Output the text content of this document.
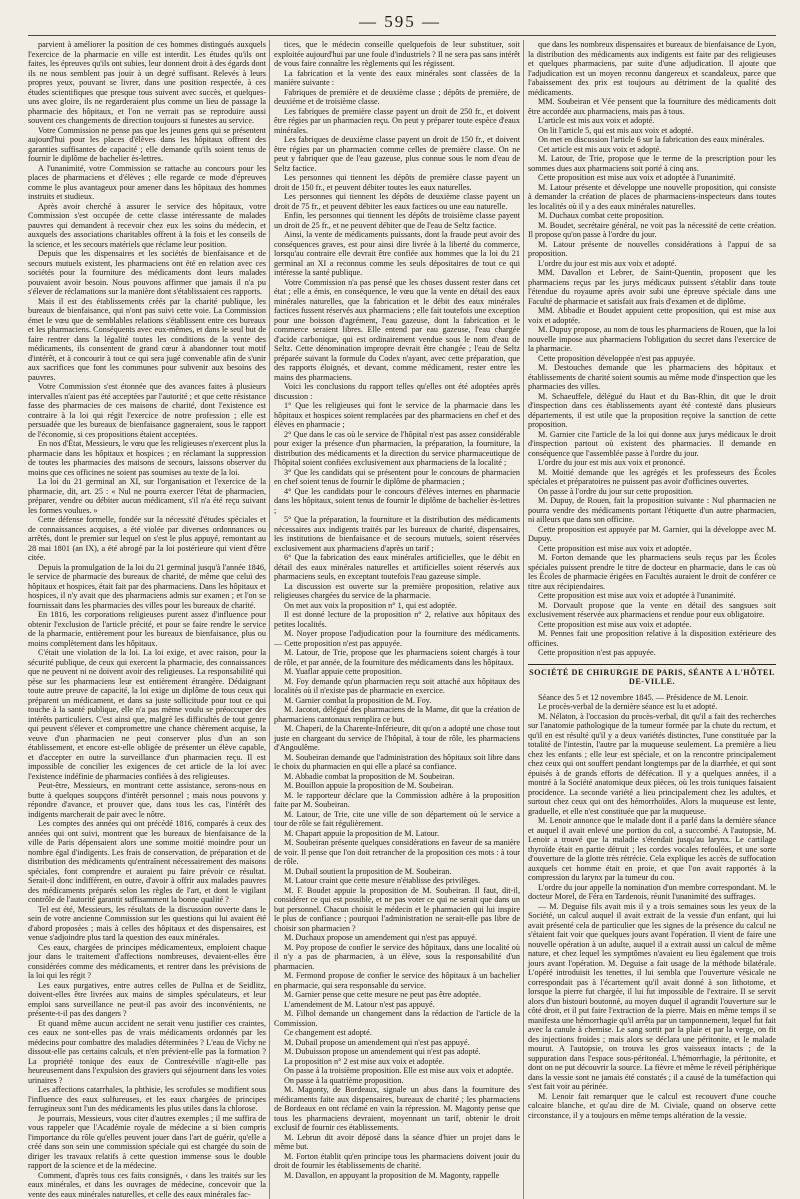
— 595 —

parvient à améliorer la position de ces hommes distingués auxquels l'exercice de la pharmacie en ville est interdit. Les études qu'ils ont faites, les épreuves qu'ils ont subies, leur donnent droit à des égards dont ils ne nous semblent pas jouir à un degré suffisant. Relevés à leurs propres yeux, pouvant se livrer, dans une position respectée, à ces études scientifiques que presque tous suivent avec succès, et quelques-uns avec gloire, ils ne regarderaient plus comme un lieu de passage la pharmacie des hôpitaux, et l'on ne verrait pas se reproduire aussi souvent ces changements de direction toujours si funestes au service.

Votre Commission ne pense pas que les jeunes gens qui se présentent aujourd'hui pour les places d'élèves dans les hôpitaux offrent des garanties suffisantes de capacité ; elle demande qu'ils soient tenus de fournir le diplôme de bachelier ès-lettres.

A l'unanimité, votre Commission se rattache au concours pour les places de pharmaciens et d'élèves ; elle regarde ce mode d'épreuves comme le plus avantageux pour amener dans les hôpitaux des hommes instruits et studieux.

Après avoir cherché à assurer le service des hôpitaux, votre Commission s'est occupée de cette classe intéressante de malades pauvres qui demandent à recevoir chez eux les soins du médecin, et auxquels des associations charitables offrent à la fois et les conseils de la science, et les secours matériels que réclame leur position.

Depuis que les dispensaires et les sociétés de bienfaisance et de secours mutuels existent, les pharmaciens ont été en relation avec ces sociétés pour la fourniture des médicaments dont leurs malades pouvaient avoir besoin. Nous pouvons affirmer que jamais il n'a pu s'élever de réclamations sur la manière dont s'établissaient ces rapports.

Mais il est des établissements créés par la charité publique, les bureaux de bienfaisance, qui n'ont pas suivi cette voie. La Commission émet le vœu que de semblables relations s'établissent entre ces bureaux et les pharmaciens. Conséquents avec eux-mêmes, et dans le seul but de faire rentrer dans la légalité toutes les conditions de la vente des médicaments, ils consentent de grand cœur à abandonner tout motif d'intérêt, et à concourir à tout ce qui sera jugé convenable afin de s'unir aux sacrifices que font les communes pour subvenir aux besoins des pauvres.

Votre Commission s'est étonnée que des avances faites à plusieurs intervalles n'aient pas été acceptées par l'autorité ; et que cette résistance fasse des pharmacies de ces maisons de charité, dont l'existence est contraire à la loi qui régit l'exercice de notre profession ; elle est persuadée que les bureaux de bienfaisance gagneraient, sous le rapport de l'économie, si ces propositions étaient acceptées.

En nos d'État, Messieurs, le vœu que les religieuses n'exercent plus la pharmacie dans les hôpitaux et hospices ; en réclamant la suppression de toutes les pharmacies des maisons de secours, laissons observer du moins que ces officines ne soient pas soumises au texte de la loi.

La loi du 21 germinal an XI, sur l'organisation et l'exercice de la pharmacie, dit, art. 25 : « Nul ne pourra exercer l'état de pharmacien, préparer, vendre ou débiter aucun médicament, s'il n'a été reçu suivant les formes voulues. »

Cette défense formelle, fondée sur la nécessité d'études spéciales et de connaissances acquises, a été violée par diverses ordonnances ou arrêtés, dont le premier sur lequel on s'est le plus appuyé, remontant au 28 mai 1801 (an IX), a été abrogé par la loi postérieure qui vient d'être citée.

Depuis la promulgation de la loi du 21 germinal jusqu'à l'année 1846, le service de pharmacie des bureaux de charité, de même que celui des hôpitaux et hospices, était fait par des pharmaciens. Dans les hôpitaux et hospices, il n'y avait que des pharmaciens admis sur examen ; et l'on se fournissait dans les pharmacies des villes pour les bureaux de charité.

En 1816, les corporations religieuses purent assez d'influence pour obtenir l'exclusion de l'article précité, et pour se faire rendre le service de la pharmacie, entièrement pour les bureaux de bienfaisance, plus ou moins complètement dans les hôpitaux.

C'était une violation de la loi. La loi exige, et avec raison, pour la sécurité publique, de ceux qui exercent la pharmacie, des connaissances que ne peuvent ni ne doivent avoir des religieuses. La responsabilité qui pèse sur les pharmaciens leur est entièrement étrangère. Dédaignant toute autre preuve de capacité, la loi exige un diplôme de tous ceux qui préparent un médicament, et dans sa juste sollicitude pour tout ce qui touche à la santé publique, elle n'a pas même voulu se préoccuper des intérêts particuliers. C'est ainsi que, malgré les difficultés de tout genre qui peuvent s'élever et compromettre une chance chèrement acquise, la veuve d'un pharmacien ne peut conserver plus d'un an son établissement, et encore est-elle obligée de présenter un élève capable, et d'accepter en outre la surveillance d'un pharmacien reçu. Il est impossible de concilier les exigences de cet article de la loi avec l'existence indéfinie de pharmacies confiées à des religieuses.

Peut-être, Messieurs, en montrant cette assistance, serons-nous en butte à quelques soupçons d'intérêt personnel ; mais nous pouvons y répondre d'avance, et prouver que, dans tous les cas, l'intérêt des indigents marcherait de pair avec le nôtre.

Les comptes des années qui ont précédé 1816, comparés à ceux des années qui ont suivi, montrent que les bureaux de bienfaisance de la ville de Paris dépensaient alors une somme moitié moindre pour un nombre égal d'indigents. Les frais de conservation, de préparation et de distribution des médicaments qu'entraînent nécessairement des maisons spéciales, font comprendre et auraient pu faire prévoir ce résultat. Serait-il donc indifférent, en outre, d'avoir à offrir aux malades pauvres des médicaments préparés selon les règles de l'art, et dont le vigilant contrôle de l'autorité garantit suffisamment la bonne qualité ?

Tel est été, Messieurs, les résultats de la discussion ouverte dans le sein de votre ancienne Commission sur les questions qui lui avaient été d'abord proposées ; mais à celles des hôpitaux et des dispensaires, est venue s'adjoindre plus tard la question des eaux minérales.

Ces eaux, chargées de principes médicamenteux, emploient chaque jour dans le traitement d'affections nombreuses, devaient-elles être considérées comme des médicaments, et rentrer dans les prévisions de la loi qui les régit ?

Les eaux purgatives, entre autres celles de Pullna et de Seidlitz, doivent-elles être livrées aux mains de simples spéculateurs, et leur emploi sans surveillance ne peut-il pas avoir des inconvénients, ne présente-t-il pas des dangers ?

Et quand même aucun accident ne serait venu justifier ces craintes, ces eaux ne sont-elles pas de vrais médicaments ordonnés par les médecins pour combattre des maladies déterminées ? L'eau de Vichy ne dissout-elle pas certains calculs, et n'en prévient-elle pas la formation ? La propriété tonique des eaux de Contrexéville n'agit-elle pas heureusement dans l'expulsion des graviers qui séjournent dans les voies urinaires ?

Les affections catarrhales, la phthisie, les scrofules se modifient sous l'influence des eaux sulfureuses, et les eaux chargées de principes ferrugineux sont l'un des médicaments les plus utiles dans la chlorose.

Je pourrais, Messieurs, vous citer d'autres exemples ; il me suffira de vous rappeler que l'Académie royale de médecine a si bien compris l'importance du rôle qu'elles peuvent jouer dans l'art de guérir, qu'elle a créé dans son sein une commission spéciale qui est chargée du soin de diriger les travaux relatifs à cette question immense sous le double rapport de la science et de la médecine.

Comment, d'après tous ces faits consignés, ‹ dans les traités sur les eaux minérales, et dans les ouvrages de médecine, concevoir que la vente des eaux minérales naturelles, et celle des eaux minérales fac-

tices, que le médecin conseille quelquefois de leur substituer, soit exploitée aujourd'hui par une foule d'industriels ? Il ne sera pas sans intérêt de vous faire connaître les règlements qui les régissent.

La fabrication et la vente des eaux minérales sont classées de la manière suivante :

Fabriques de première et de deuxième classe ; dépôts de première, de deuxième et de troisième classe.

Les fabriques de première classe payent un droit de 250 fr., et doivent être régies par un pharmacien reçu. On peut y préparer toute espèce d'eaux minérales.

Les fabriques de deuxième classe payent un droit de 150 fr., et doivent être régies par un pharmacien comme celles de première classe. On ne peut y fabriquer que de l'eau gazeuse, plus connue sous le nom d'eau de Seltz factice.

Les personnes qui tiennent les dépôts de première classe payent un droit de 150 fr., et peuvent débiter toutes les eaux naturelles.

Les personnes qui tiennent les dépôts de deuxième classe payent un droit de 75 fr., et peuvent débiter les eaux factices ou une eau naturelle.

Enfin, les personnes qui tiennent les dépôts de troisième classe payent un droit de 25 fr., et ne peuvent débiter que de l'eau de Seltz factice.

Ainsi, la vente de médicaments puissants, dont la fraude peut avoir des conséquences graves, est pour ainsi dire livrée à la liberté du commerce, lorsqu'au contraire elle devrait être confiée aux hommes que la loi du 21 germinal an XI a reconnus comme les seuls dépositaires de tout ce qui intéresse la santé publique.

Votre Commission n'a pas pensé que les choses dussent rester dans cet état ; elle a émis, en conséquence, le vœu que la vente en détail des eaux minérales naturelles, que la fabrication et le débit des eaux minérales factices fussent réservés aux pharmaciens ; elle fait toutefois une exception pour une boisson d'agrément, l'eau gazeuse, dont la fabrication et le commerce seraient libres. Elle entend par eau gazeuse, l'eau chargée d'acide carbonique, qui est ordinairement vendue sous le nom d'eau de Seltz. Cette dénomination impropre devrait être changée ; l'eau de Seltz préparée suivant la formule du Codex n'ayant, avec cette préparation, que des rapports éloignés, et devant, comme médicament, rester entre les mains des pharmaciens.

Voici les conclusions du rapport telles qu'elles ont été adoptées après discussion :

1° Que les religieuses qui font le service de la pharmacie dans les hôpitaux et hospices soient remplacées par des pharmaciens en chef et des élèves en pharmacie ;

2° Que dans le cas où le service de l'hôpital n'est pas assez considérable pour exiger la présence d'un pharmacien, la préparation, la fourniture, la distribution des médicaments et la direction du service pharmaceutique de l'hôpital soient confiées exclusivement aux pharmaciens de la localité ;

3° Que les candidats qui se présentent pour le concours de pharmacien en chef soient tenus de fournir le diplôme de pharmacien ;

4° Que les candidats pour le concours d'élèves internes en pharmacie dans les hôpitaux, soient tenus de fournir le diplôme de bachelier ès-lettres ;

5° Que la préparation, la fourniture et la distribution des médicaments nécessaires aux indigents traités par les bureaux de charité, dispensaires, les institutions de bienfaisance et de secours mutuels, soient réservées exclusivement aux pharmaciens d'après un tarif ;

6° Que la fabrication des eaux minérales artificielles, que le débit en détail des eaux minérales naturelles et artificielles soient réservés aux pharmaciens seuls, en exceptant toutefois l'eau gazeuse simple.

La discussion est ouverte sur la première proposition, relative aux religieuses chargées du service de la pharmacie.

On met aux voix la proposition n° 1, qui est adoptée.

Il est donné lecture de la proposition n° 2, relative aux hôpitaux des petites localités.

M. Noyer propose l'adjudication pour la fourniture des médicaments. — Cette proposition n'est pas appuyée.

M. Latour, de Trie, propose que les pharmaciens soient chargés à tour de rôle, et par année, de la fourniture des médicaments dans les hôpitaux.

M. Yuaflar appuie cette proposition.

M. Foy demande qu'un pharmacien reçu soit attaché aux hôpitaux des localités où il n'existe pas de pharmacie en exercice.

M. Garnier combat la proposition de M. Foy.

M. Jacotot, délégué des pharmaciens de la Marne, dit que la création de pharmaciens cantonaux remplira ce but.

M. Chaperi, de la Charente-Inférieure, dit qu'on a adopté une chose tout juste en chargeant du service de l'hôpital, à tour de rôle, les pharmaciens d'Angoulême.

M. Soubeiran demande que l'administration des hôpitaux soit libre dans le choix du pharmacien en qui elle a placé sa confiance.

M. Abbadie combat la proposition de M. Soubeiran.

M. Bouillon appuie la proposition de M. Soubeiran.

M. le rapporteur déclare que la Commission adhère à la proposition faite par M. Soubeiran.

M. Latour, de Trie, cite une ville de son département où le service a tour de rôle se fait régulièrement.

M. Chapart appuie la proposition de M. Latour.

M. Soubeiran présente quelques considérations en faveur de sa manière de voir. Il pense que l'on doit retrancher de la proposition ces mots : à tour de rôle.

M. Dubail soutient la proposition de M. Soubeiran.

M. Latour craint que cette mesure n'établisse des privilèges.

M. F. Boudet appuie la proposition de M. Soubeiran. Il faut, dit-il, considérer ce qui est possible, et ne pas voter ce qui ne serait que dans un but personnel. Chacun choisit le médecin et le pharmacien qui lui inspire le plus de confiance ; pourquoi l'administration ne serait-elle pas libre de choisir son pharmacien ?

M. Duchaux propose un amendement qui n'est pas appuyé.

M. Poy propose de confier le service des hôpitaux, dans une localité où il n'y a pas de pharmacien, à un élève, sous la responsabilité d'un pharmacien.

M. Fermond propose de confier le service des hôpitaux à un bachelier en pharmacie, qui sera responsable du service.

M. Garnier pense que cette mesure ne peut pas être adoptée.

L'amendement de M. Latour n'est pas appuyé.

M. Filhol demande un changement dans la rédaction de l'article de la Commission.

Ce changement est adopté.

M. Dubail propose un amendement qui n'est pas appuyé.

M. Dubuisson propose un amendement qui n'est pas adopté.

La proposition n° 2 est mise aux voix et adoptée.

On passe à la troisième proposition. Elle est mise aux voix et adoptée.

On passe à la quatrième proposition.

M. Magonty, de Bordeaux, signale un abus dans la fourniture des médicaments faite aux dispensaires, bureaux de charité ; les pharmaciens de Bordeaux en ont réclamé en vain la répression. M. Magonty pense que tous les pharmaciens devraient, moyennant un tarif, obtenir le droit exclusif de fournir ces établissements.

M. Lebrun dit avoir déposé dans la séance d'hier un projet dans le même but.

M. Forton établit qu'en principe tous les pharmaciens doivent jouir du droit de fournir les établissements de charité.

M. Davallon, en appuyant la proposition de M. Magonty, rappelle

que dans les nombreux dispensaires et bureaux de bienfaisance de Lyon, la distribution des médicaments aux indigents est faite par des religieuses et quelques pharmaciens, par suite d'une adjudication. Il ajoute que l'adjudication est un moyen reconnu dangereux et scandaleux, parce que l'abaissement des prix est toujours au détriment de la qualité des médicaments.

MM. Soubeiran et Vée pensent que la fourniture des médicaments doit être accordée aux pharmaciens, mais pas à tous.

L'article est mis aux voix et adopté.

On lit l'article 5, qui est mis aux voix et adopté.

On met en discussion l'article 6 sur la fabrication des eaux minérales.

Cet article est mis aux voix et adopté.

M. Latour, de Trie, propose que le terme de la prescription pour les sommes dues aux pharmaciens soit porté à cinq ans.

Cette proposition est mise aux voix et adoptée à l'unanimité.

M. Latour présente et développe une nouvelle proposition, qui consiste à demander la création de places de pharmaciens-inspecteurs dans toutes les localités où il y a des eaux minérales naturelles.

M. Duchaux combat cette proposition.

M. Boudet, secrétaire général, ne voit pas la nécessité de cette création. Il propose qu'on passe à l'ordre du jour.

M. Latour présente de nouvelles considérations à l'appui de sa proposition.

L'ordre du jour est mis aux voix et adopté.

MM. Davallon et Lebrer, de Saint-Quentin, proposent que les pharmaciens reçus par les jurys médicaux puissent s'établir dans toute l'étendue du royaume après avoir subi une épreuve spéciale dans une Faculté de pharmacie et satisfait aux frais d'examen et de diplôme.

MM. Abbadie et Boudet appuient cette proposition, qui est mise aux voix et adoptée.

M. Dupuy propose, au nom de tous les pharmaciens de Rouen, que la loi nouvelle impose aux pharmaciens l'obligation du secret dans l'exercice de la pharmacie.

Cette proposition développée n'est pas appuyée.

M. Destouches demande que les pharmaciens des hôpitaux et établissements de charité soient soumis au même mode d'inspection que les pharmacies des villes.

M. Schaeuffele, délégué du Haut et du Bas-Rhin, dit que le droit d'inspection dans ces établissements ayant été contesté dans plusieurs départements, il est utile que la proposition reçoive la sanction de cette proposition.

M. Garnier cite l'article de la loi qui donne aux jurys médicaux le droit d'inspection partout où existent des pharmacies. Il demande en conséquence que l'assemblée passe à l'ordre du jour.

L'ordre du jour est mis aux voix et prononcé.

M. Moitié demande que les agrégés et les professeurs des Écoles spéciales et préparatoires ne puissent pas avoir d'officines ouvertes.

On passe à l'ordre du jour sur cette proposition.

M. Dupuy, de Rouen, fait la proposition suivante : Nul pharmacien ne pourra vendre des médicaments portant l'étiquette d'un autre pharmacien, ni ailleurs que dans son officine.

Cette proposition est appuyée par M. Garnier, qui la développe avec M. Dupuy.

Cette proposition est mise aux voix et adoptée.

M. Forton demande que les pharmaciens seuls reçus par les Écoles spéciales puissent prendre le titre de docteur en pharmacie, dans le cas où les Écoles de pharmacie érigées en Facultés auraient le droit de conférer ce titre aux récipiendaires.

Cette proposition est mise aux voix et adoptée à l'unanimité.

M. Dorvault propose que la vente en détail des sangsues soit exclusivement réservée aux pharmaciens et rendue pour eux obligatoire.

Cette proposition est mise aux voix et adoptée.

M. Pennes fait une proposition relative à la disposition extérieure des officines.

Cette proposition n'est pas appuyée.

SOCIÉTÉ DE CHIRURGIE DE PARIS, SÉANTE A L'HÔTEL DE-VILLE.

Séance des 5 et 12 novembre 1845. — Présidence de M. Lenoir.

Le procès-verbal de la dernière séance est lu et adopté.

M. Nélaton, à l'occasion du procès-verbal, dit qu'il a fait des recherches sur l'anatomie pathologique de la tumeur formée par la chute du rectum, et qu'il en est résulté qu'il y a deux variétés distinctes, l'une constituée par la totalité de l'intestin, l'autre par la muqueuse seulement. La première a lieu chez les enfants ; elle leur est spéciale, et on la rencontre principalement chez ceux qui ont souffert pendant longtemps par de la diarrhée, et qui sont épuisés à de grands efforts de défécation. Il y a quelques années, il a montré à la Société anatomique deux pièces, où les trois tuniques faisaient procidence. La seconde variété a lieu principalement chez les adultes, et surtout chez ceux qui ont des hémorrhoïdes. Alors la muqueuse est lente, graduelle, et elle n'est constituée que par la muqueuse.

M. Lenoir annonce que le malade dont il a parlé dans la dernière séance et auquel il avait enlevé une portion du col, a succombé. A l'autopsie, M. Lenoir a trouvé que la maladie s'étendait jusqu'au larynx. Le cartilage thyroïde était en partie détruit ; les cordes vocales refoulées, et une sorte d'ouverture de la glotte très rétrécie. Cela explique les accès de suffocation auxquels cet homme était en proie, et que l'on avait rapportés à la compression du larynx par la tumeur du cou.

L'ordre du jour appelle la nomination d'un membre correspondant. M. le docteur Morel, de Féra en Tardenois, réunit l'unanimité des suffrages.

— M. Deguise fils avait mis il y a trois semaines sous les yeux de la Société, un calcul auquel il avait extrait de la vessie d'un enfant, qui lui avait présenté cela de particulier que les signes de la présence du calcul ne s'étaient fait voir que quelques jours avant l'opération. Il vient de faire une nouvelle opération à un adulte, auquel il a extrait aussi un calcul de même nature, et chez lequel les symptômes n'avaient eu lieu également que trois jours avant l'opération. M. Deguise a fait usage de la méthode bilatérale. L'opéré introduisit les tenettes, il lui sembla que l'ouverture vésicale ne correspondait pas à l'écartement qu'il avait donné à son lithotome, et lorsque la pierre fut chargée, il lui fut impossible de l'extraire. Il se servit alors d'un bistouri boutonné, au moyen duquel il agrandit l'ouverture sur le côté droit, et il put faire l'extraction de la pierre. Mais en même temps il se manifesta une hémorrhagie qu'il arrêta par un tamponnement, lequel fut fait avec la canule à chemise. Le sang sortit par la plaie et par la verge, on fit des injections froides ; mais alors se déclara une péritonite, et le malade mourut. A l'autopsie, on trouva les gros vaisseaux intacts ; de la suppuration dans l'espace sous-péritonéal. L'hémorrhagie, la péritonite, et dont on ne put découvrir la source. La fièvre et même le réveil périphérique dans la vessie sont ne jamais été constatés ; il a causé de la tuméfaction qui s'est fait voir au périnée.

M. Lenoir fait remarquer que le calcul est recouvert d'une couche calcaire blanche, et qu'au dire de M. Civiale, quand on observe cette circonstance, il y a toujours en même temps altération de la vessie.
